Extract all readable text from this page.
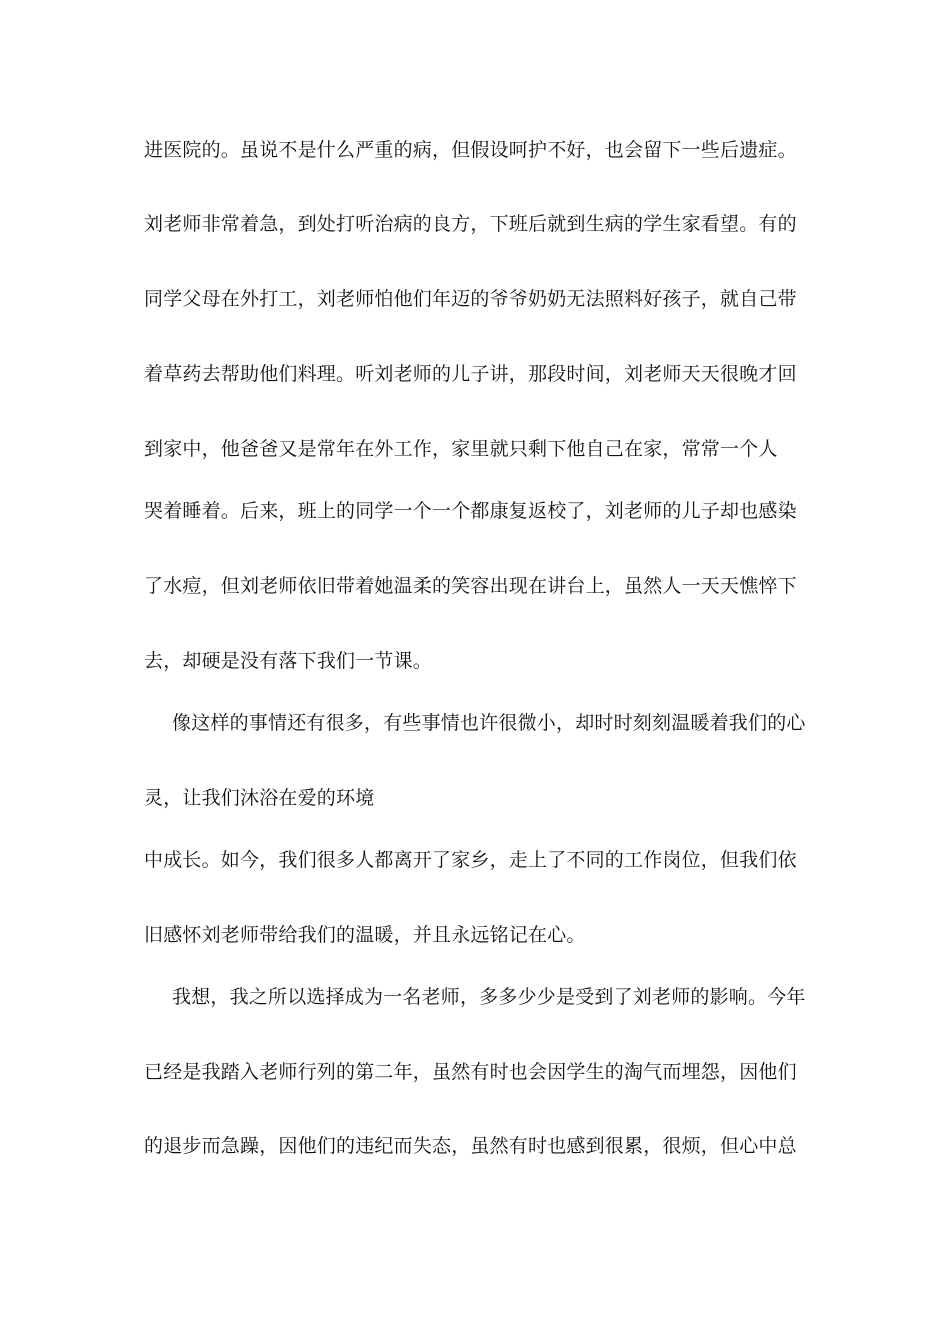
进医院的。虽说不是什么严重的病，但假设呵护不好，也会留下一些后遗症。
刘老师非常着急，到处打听治病的良方，下班后就到生病的学生家看望。有的
同学父母在外打工，刘老师怕他们年迈的爷爷奶奶无法照料好孩子，就自己带
着草药去帮助他们料理。听刘老师的儿子讲，那段时间，刘老师天天很晚才回
到家中，他爸爸又是常年在外工作，家里就只剩下他自己在家，常常一个人
哭着睡着。后来，班上的同学一个一个都康复返校了，刘老师的儿子却也感染
了水痘，但刘老师依旧带着她温柔的笑容出现在讲台上，虽然人一天天憔悴下
去，却硬是没有落下我们一节课。
像这样的事情还有很多，有些事情也许很微小，却时时刻刻温暖着我们的心
灵，让我们沐浴在爱的环境
中成长。如今，我们很多人都离开了家乡，走上了不同的工作岗位，但我们依
旧感怀刘老师带给我们的温暖，并且永远铭记在心。
我想，我之所以选择成为一名老师，多多少少是受到了刘老师的影响。今年
已经是我踏入老师行列的第二年，虽然有时也会因学生的淘气而埋怨，因他们
的退步而急躁，因他们的违纪而失态，虽然有时也感到很累，很烦，但心中总
